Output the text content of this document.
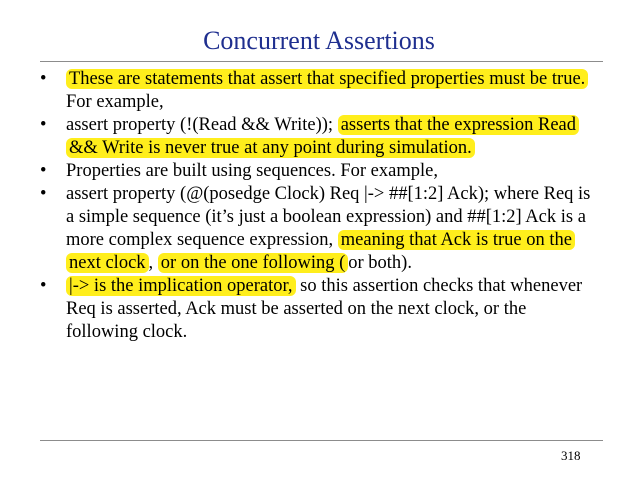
Concurrent Assertions
•	These are statements that assert that specified properties must be true. For example,
•	assert property (!(Read && Write)); asserts that the expression Read && Write is never true at any point during simulation.
•	Properties are built using sequences. For example,
•	assert property (@(posedge Clock) Req |-> ##[1:2] Ack); where Req is a simple sequence (it’s just a boolean expression) and ##[1:2] Ack is a more complex sequence expression, meaning that Ack is true on the next clock , or on the one following ( or both).
•	|-> is the implication operator, so this assertion checks that whenever Req is asserted, Ack must be asserted on the next clock, or the following clock.
318
